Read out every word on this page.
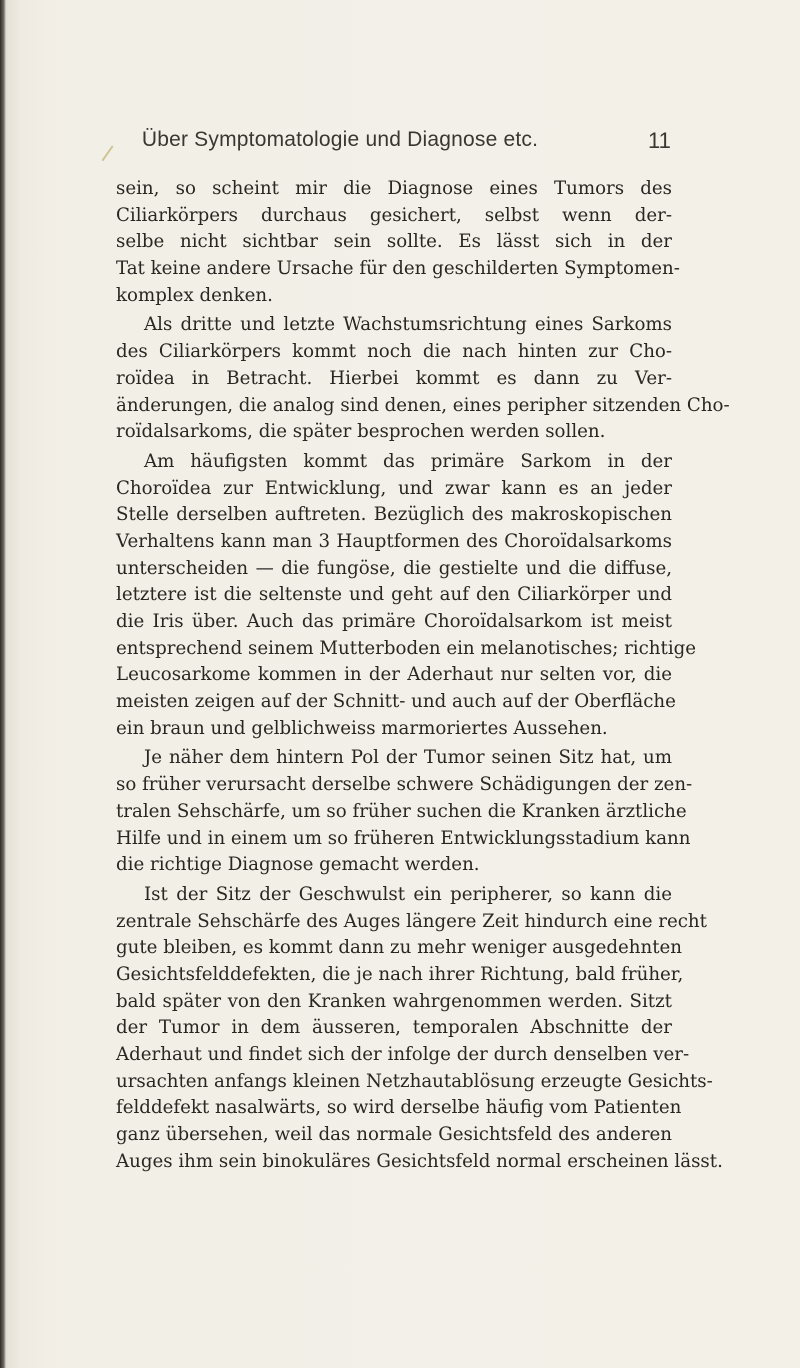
Über Symptomatologie und Diagnose etc.	11
sein, so scheint mir die Diagnose eines Tumors des
Ciliarkörpers durchaus gesichert, selbst wenn der-
selbe nicht sichtbar sein sollte. Es lässt sich in der
Tat keine andere Ursache für den geschilderten Symptomen-
komplex denken.
Als dritte und letzte Wachstumsrichtung eines Sarkoms
des Ciliarkörpers kommt noch die nach hinten zur Cho-
roïdea in Betracht. Hierbei kommt es dann zu Ver-
änderungen, die analog sind denen, eines peripher sitzenden Cho-
roïdalsarkoms, die später besprochen werden sollen.
Am häufigsten kommt das primäre Sarkom in der
Choroïdea zur Entwicklung, und zwar kann es an jeder
Stelle derselben auftreten. Bezüglich des makroskopischen
Verhaltens kann man 3 Hauptformen des Choroïdalsarkoms
unterscheiden — die fungöse, die gestielte und die diffuse,
letztere ist die seltenste und geht auf den Ciliarkörper und
die Iris über. Auch das primäre Choroïdalsarkom ist meist
entsprechend seinem Mutterboden ein melanotisches; richtige
Leucosarkome kommen in der Aderhaut nur selten vor, die
meisten zeigen auf der Schnitt- und auch auf der Oberfläche
ein braun und gelblichweiss marmoriertes Aussehen.
Je näher dem hintern Pol der Tumor seinen Sitz hat, um
so früher verursacht derselbe schwere Schädigungen der zen-
tralen Sehschärfe, um so früher suchen die Kranken ärztliche
Hilfe und in einem um so früheren Entwicklungsstadium kann
die richtige Diagnose gemacht werden.
Ist der Sitz der Geschwulst ein peripherer, so kann die
zentrale Sehschärfe des Auges längere Zeit hindurch eine recht
gute bleiben, es kommt dann zu mehr weniger ausgedehnten
Gesichtsfelddefekten, die je nach ihrer Richtung, bald früher,
bald später von den Kranken wahrgenommen werden. Sitzt
der Tumor in dem äusseren, temporalen Abschnitte der
Aderhaut und findet sich der infolge der durch denselben ver-
ursachten anfangs kleinen Netzhautablösung erzeugte Gesichts-
felddefekt nasalwärts, so wird derselbe häufig vom Patienten
ganz übersehen, weil das normale Gesichtsfeld des anderen
Auges ihm sein binokuläres Gesichtsfeld normal erscheinen lässt.
